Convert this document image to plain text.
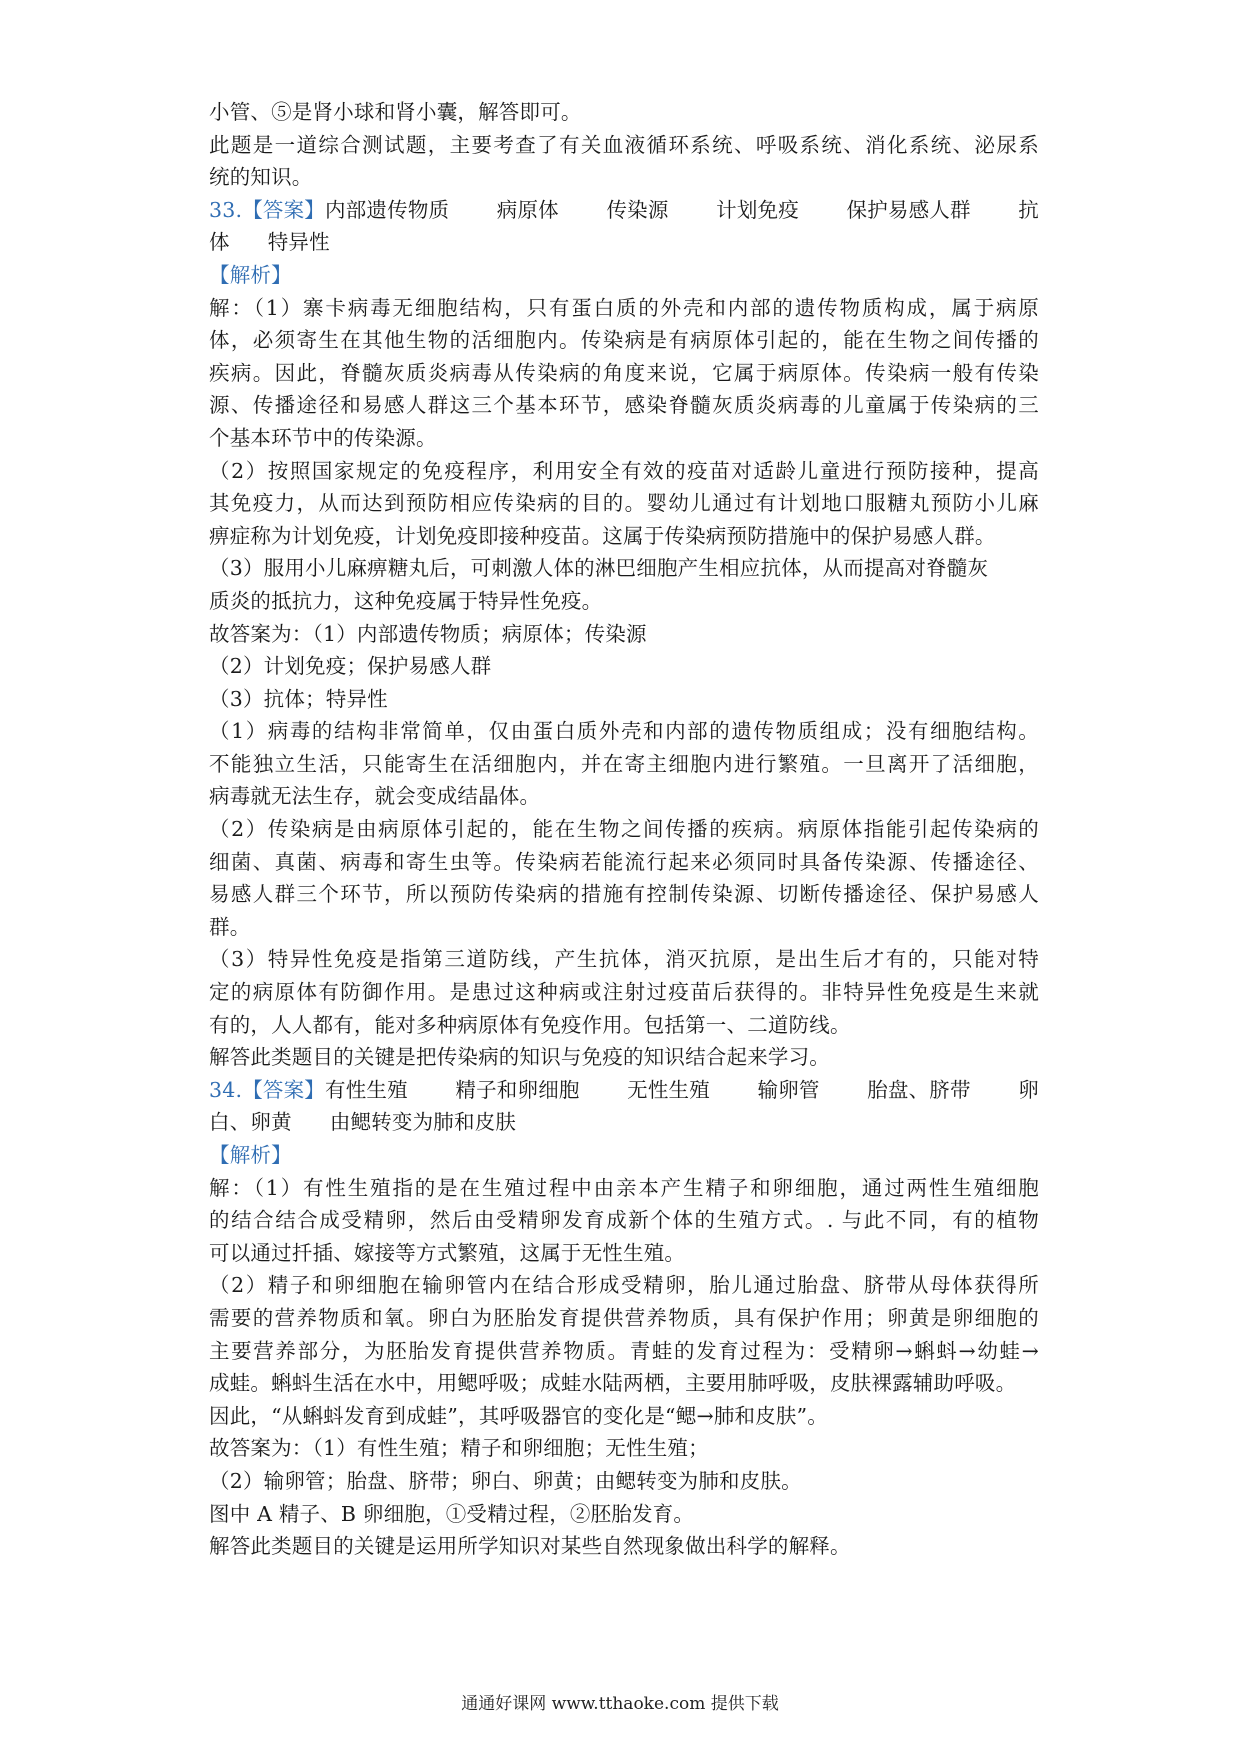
小管、⑤是肾小球和肾小囊，解答即可。
此题是一道综合测试题，主要考查了有关血液循环系统、呼吸系统、消化系统、泌尿系
统的知识。
33.【答案】内部遗传物质 病原体 传染源 计划免疫 保护易感人群 抗
体 特异性
【解析】
解：（1）寨卡病毒无细胞结构，只有蛋白质的外壳和内部的遗传物质构成，属于病原
体，必须寄生在其他生物的活细胞内。传染病是有病原体引起的，能在生物之间传播的
疾病。因此，脊髓灰质炎病毒从传染病的角度来说，它属于病原体。传染病一般有传染
源、传播途径和易感人群这三个基本环节，感染脊髓灰质炎病毒的儿童属于传染病的三
个基本环节中的传染源。
（2）按照国家规定的免疫程序，利用安全有效的疫苗对适龄儿童进行预防接种，提高
其免疫力，从而达到预防相应传染病的目的。婴幼儿通过有计划地口服糖丸预防小儿麻
痹症称为计划免疫，计划免疫即接种疫苗。这属于传染病预防措施中的保护易感人群。
（3）服用小儿麻痹糖丸后，可刺激人体的淋巴细胞产生相应抗体，从而提高对脊髓灰
质炎的抵抗力，这种免疫属于特异性免疫。
故答案为：（1）内部遗传物质；病原体；传染源
（2）计划免疫；保护易感人群
（3）抗体；特异性
（1）病毒的结构非常简单，仅由蛋白质外壳和内部的遗传物质组成；没有细胞结构。
不能独立生活，只能寄生在活细胞内，并在寄主细胞内进行繁殖。一旦离开了活细胞，
病毒就无法生存，就会变成结晶体。
（2）传染病是由病原体引起的，能在生物之间传播的疾病。病原体指能引起传染病的
细菌、真菌、病毒和寄生虫等。传染病若能流行起来必须同时具备传染源、传播途径、
易感人群三个环节，所以预防传染病的措施有控制传染源、切断传播途径、保护易感人
群。
（3）特异性免疫是指第三道防线，产生抗体，消灭抗原，是出生后才有的，只能对特
定的病原体有防御作用。是患过这种病或注射过疫苗后获得的。非特异性免疫是生来就
有的，人人都有，能对多种病原体有免疫作用。包括第一、二道防线。
解答此类题目的关键是把传染病的知识与免疫的知识结合起来学习。
34.【答案】有性生殖 精子和卵细胞 无性生殖 输卵管 胎盘、脐带 卵
白、卵黄 由鳃转变为肺和皮肤
【解析】
解：（1）有性生殖指的是在生殖过程中由亲本产生精子和卵细胞，通过两性生殖细胞
的结合结合成受精卵，然后由受精卵发育成新个体的生殖方式。. 与此不同，有的植物
可以通过扦插、嫁接等方式繁殖，这属于无性生殖。
（2）精子和卵细胞在输卵管内在结合形成受精卵，胎儿通过胎盘、脐带从母体获得所
需要的营养物质和氧。卵白为胚胎发育提供营养物质，具有保护作用；卵黄是卵细胞的
主要营养部分，为胚胎发育提供营养物质。青蛙的发育过程为：受精卵→蝌蚪→幼蛙→
成蛙。蝌蚪生活在水中，用鳃呼吸；成蛙水陆两栖，主要用肺呼吸，皮肤裸露辅助呼吸。
因此，“从蝌蚪发育到成蛙”，其呼吸器官的变化是“鳃→肺和皮肤”。
故答案为：（1）有性生殖；精子和卵细胞；无性生殖；
（2）输卵管；胎盘、脐带；卵白、卵黄；由鳃转变为肺和皮肤。
图中 A 精子、B 卵细胞，①受精过程，②胚胎发育。
解答此类题目的关键是运用所学知识对某些自然现象做出科学的解释。
通通好课网 www.tthaoke.com 提供下载
